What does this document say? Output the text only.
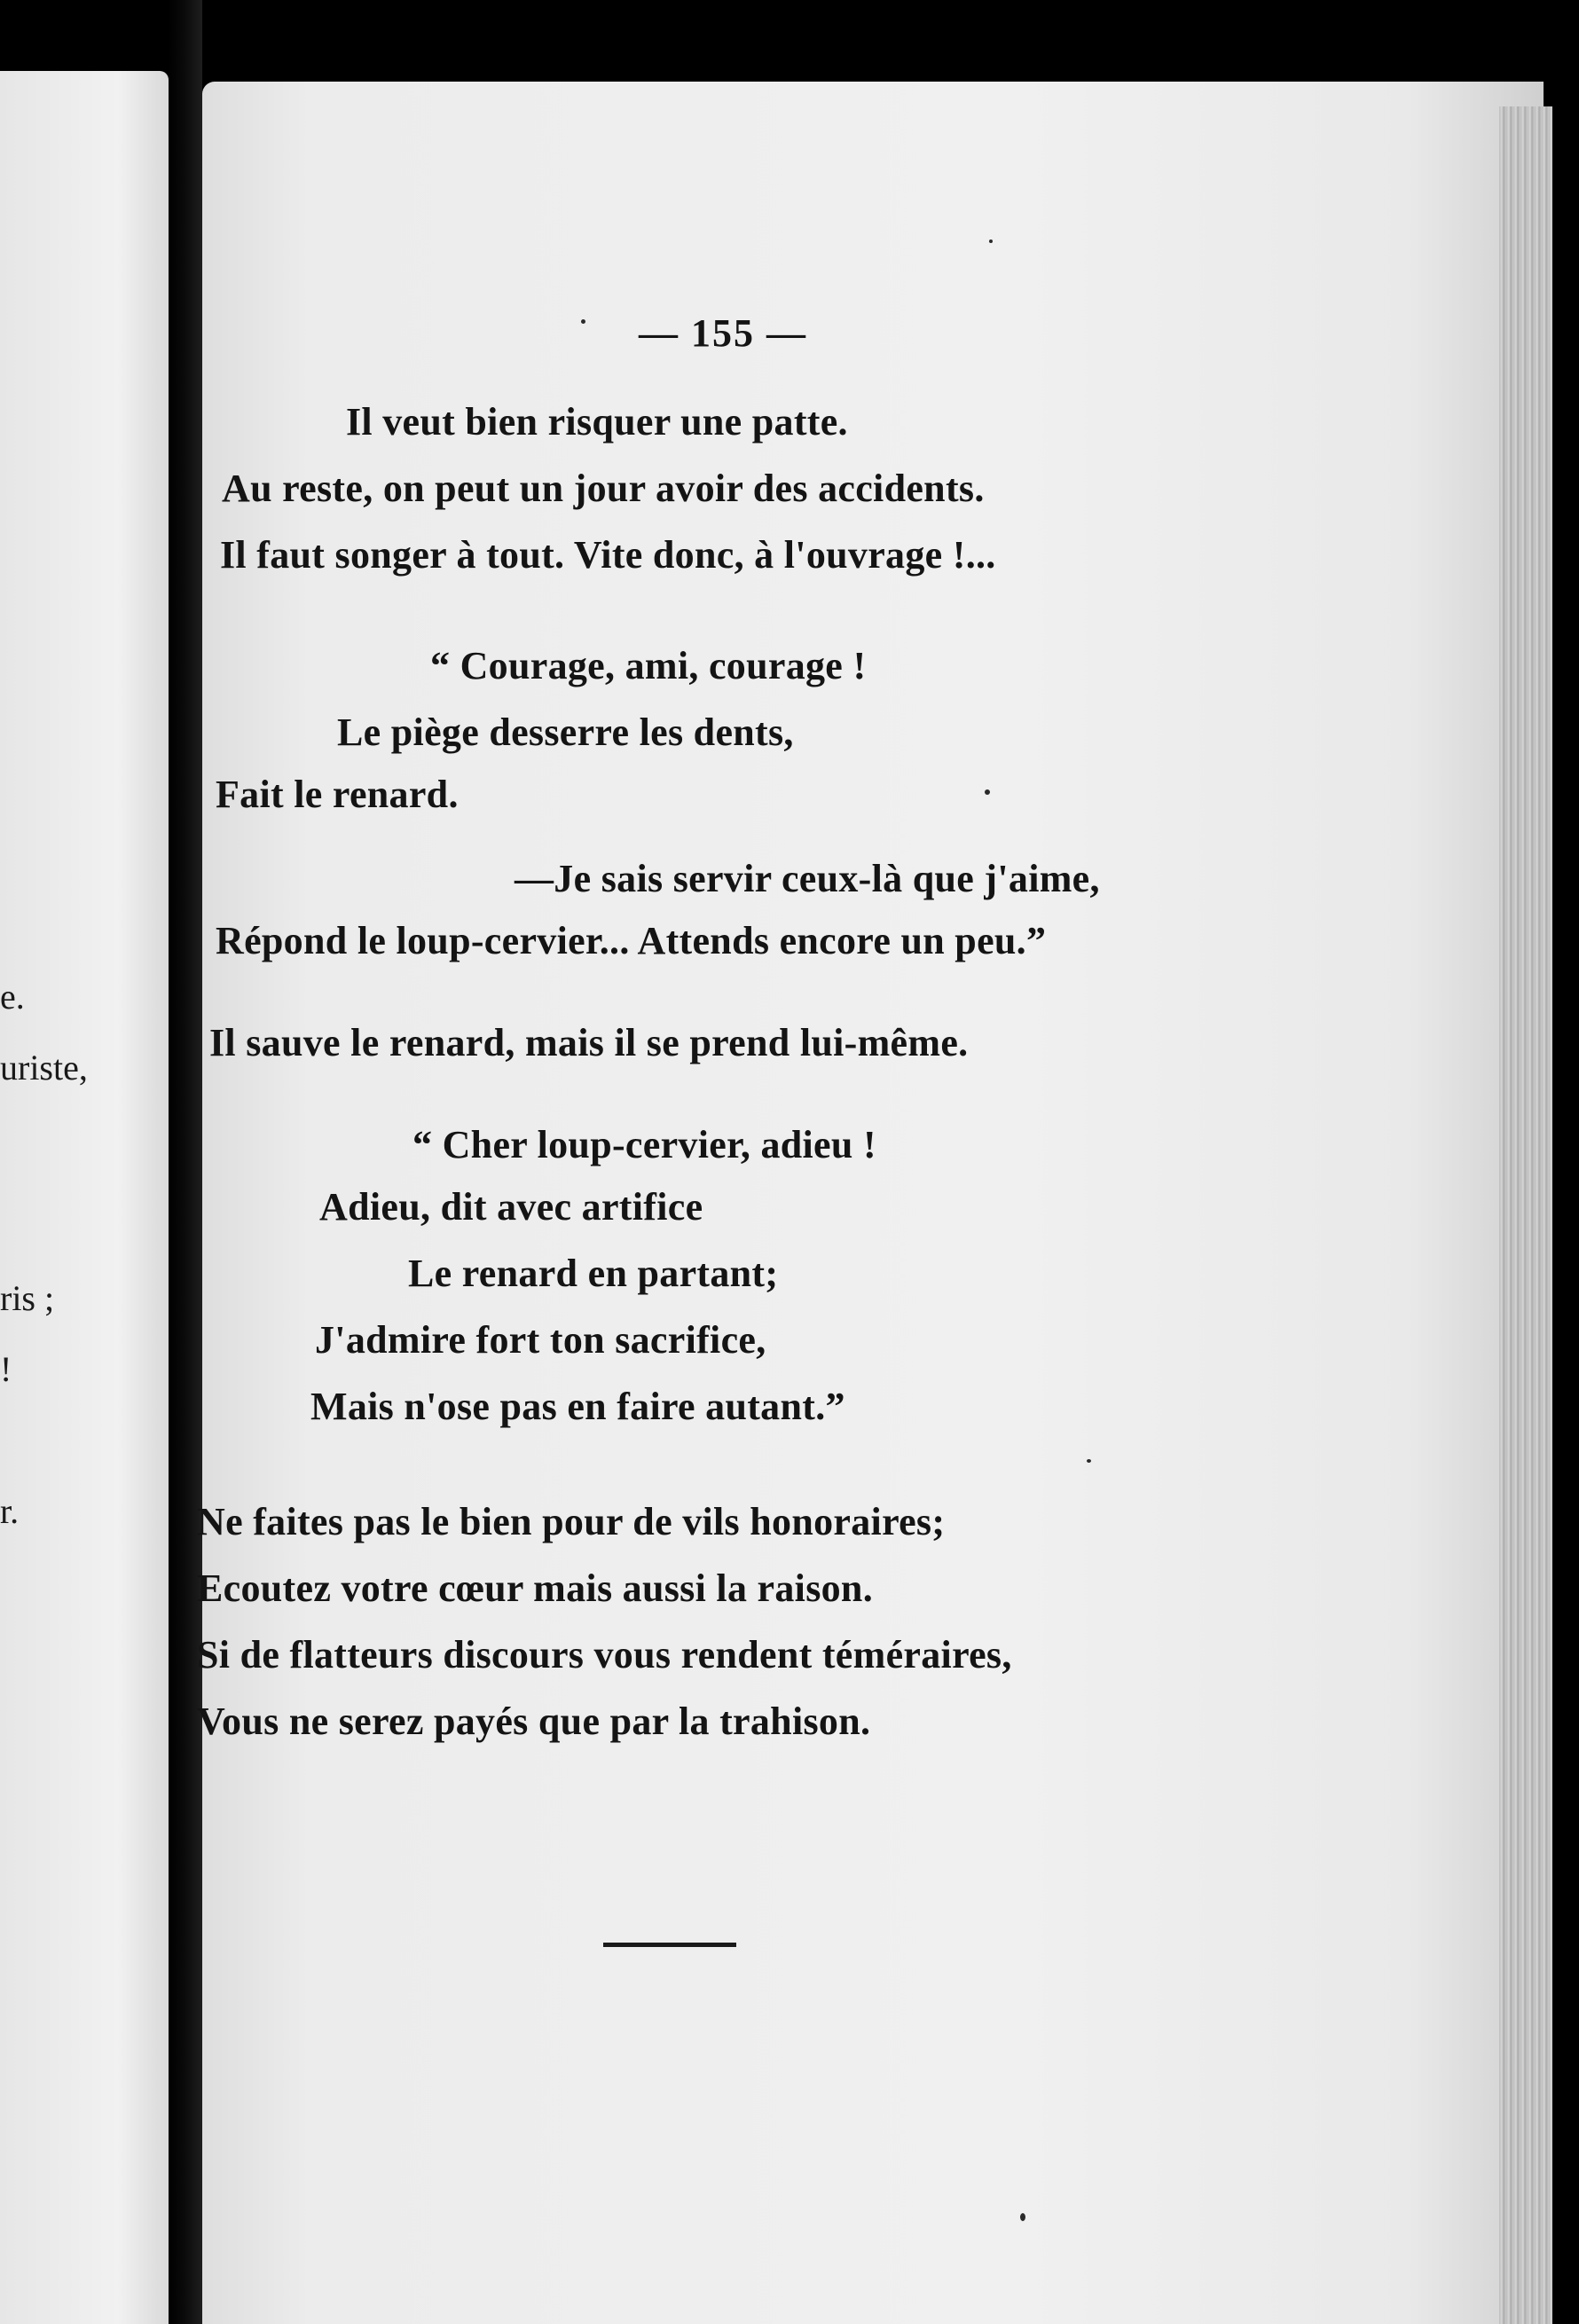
e.
uriste,
ris ;
!
r.
— 155 —
Il veut bien risquer une patte.
Au reste, on peut un jour avoir des accidents.
Il faut songer à tout. Vite donc, à l'ouvrage !...
“ Courage, ami, courage !
Le piège desserre les dents,
Fait le renard.
—Je sais servir ceux-là que j'aime,
Répond le loup-cervier... Attends encore un peu.”
Il sauve le renard, mais il se prend lui-même.
“ Cher loup-cervier, adieu !
Adieu, dit avec artifice
Le renard en partant;
J'admire fort ton sacrifice,
Mais n'ose pas en faire autant.”
Ne faites pas le bien pour de vils honoraires;
Ecoutez votre cœur mais aussi la raison.
Si de flatteurs discours vous rendent téméraires,
Vous ne serez payés que par la trahison.
